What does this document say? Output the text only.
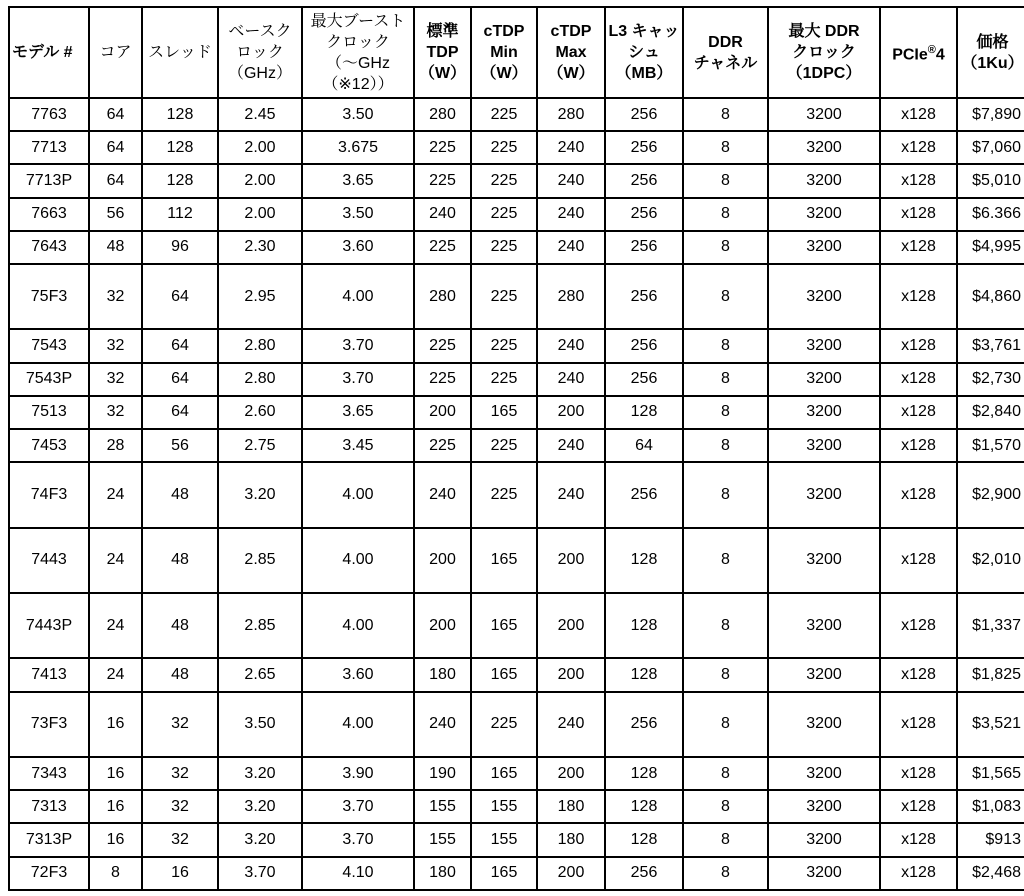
モデル #	コア	スレッド	ベースク
ロック
（GHz）	最大ブースト
クロック
（～GHz
（※12））	標準
TDP
（W）	cTDP
Min
（W）	cTDP
Max
（W）	L3 キャッ
シュ
（MB）	DDR
チャネル	最大 DDR
クロック
（1DPC）	PCIe®4	価格
（1Ku）
7763	64	128	2.45	3.50	280	225	280	256	8	3200	x128	$7,890
7713	64	128	2.00	3.675	225	225	240	256	8	3200	x128	$7,060
7713P	64	128	2.00	3.65	225	225	240	256	8	3200	x128	$5,010
7663	56	112	2.00	3.50	240	225	240	256	8	3200	x128	$6.366
7643	48	96	2.30	3.60	225	225	240	256	8	3200	x128	$4,995
75F3	32	64	2.95	4.00	280	225	280	256	8	3200	x128	$4,860
7543	32	64	2.80	3.70	225	225	240	256	8	3200	x128	$3,761
7543P	32	64	2.80	3.70	225	225	240	256	8	3200	x128	$2,730
7513	32	64	2.60	3.65	200	165	200	128	8	3200	x128	$2,840
7453	28	56	2.75	3.45	225	225	240	64	8	3200	x128	$1,570
74F3	24	48	3.20	4.00	240	225	240	256	8	3200	x128	$2,900
7443	24	48	2.85	4.00	200	165	200	128	8	3200	x128	$2,010
7443P	24	48	2.85	4.00	200	165	200	128	8	3200	x128	$1,337
7413	24	48	2.65	3.60	180	165	200	128	8	3200	x128	$1,825
73F3	16	32	3.50	4.00	240	225	240	256	8	3200	x128	$3,521
7343	16	32	3.20	3.90	190	165	200	128	8	3200	x128	$1,565
7313	16	32	3.20	3.70	155	155	180	128	8	3200	x128	$1,083
7313P	16	32	3.20	3.70	155	155	180	128	8	3200	x128	$913
72F3	8	16	3.70	4.10	180	165	200	256	8	3200	x128	$2,468
